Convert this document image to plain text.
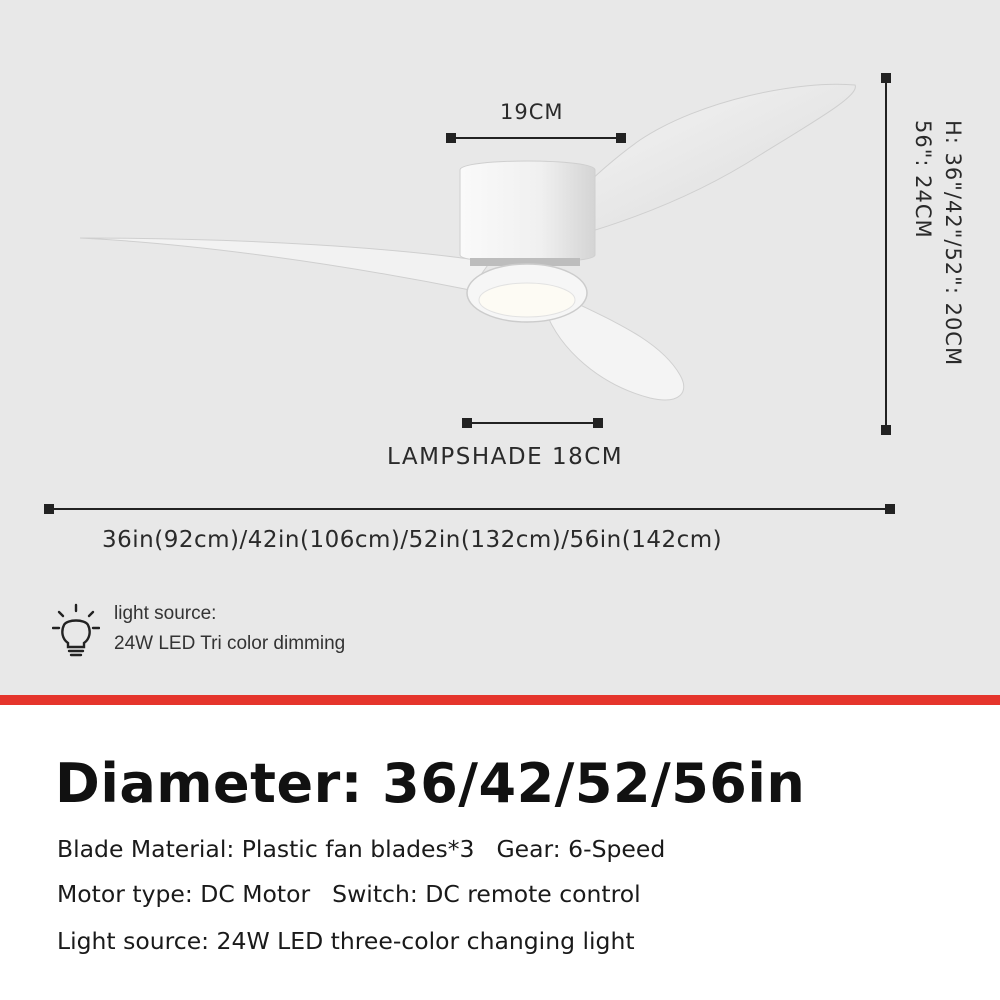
19CM
LAMPSHADE 18CM
36in(92cm)/42in(106cm)/52in(132cm)/56in(142cm)
H: 36"/42"/52": 20CM
56": 24CM
light source:
24W LED Tri color dimming
Diameter: 36/42/52/56in
Blade Material: Plastic fan blades*3 Gear: 6-Speed
Motor type: DC Motor Switch: DC remote control
Light source: 24W LED three-color changing light
